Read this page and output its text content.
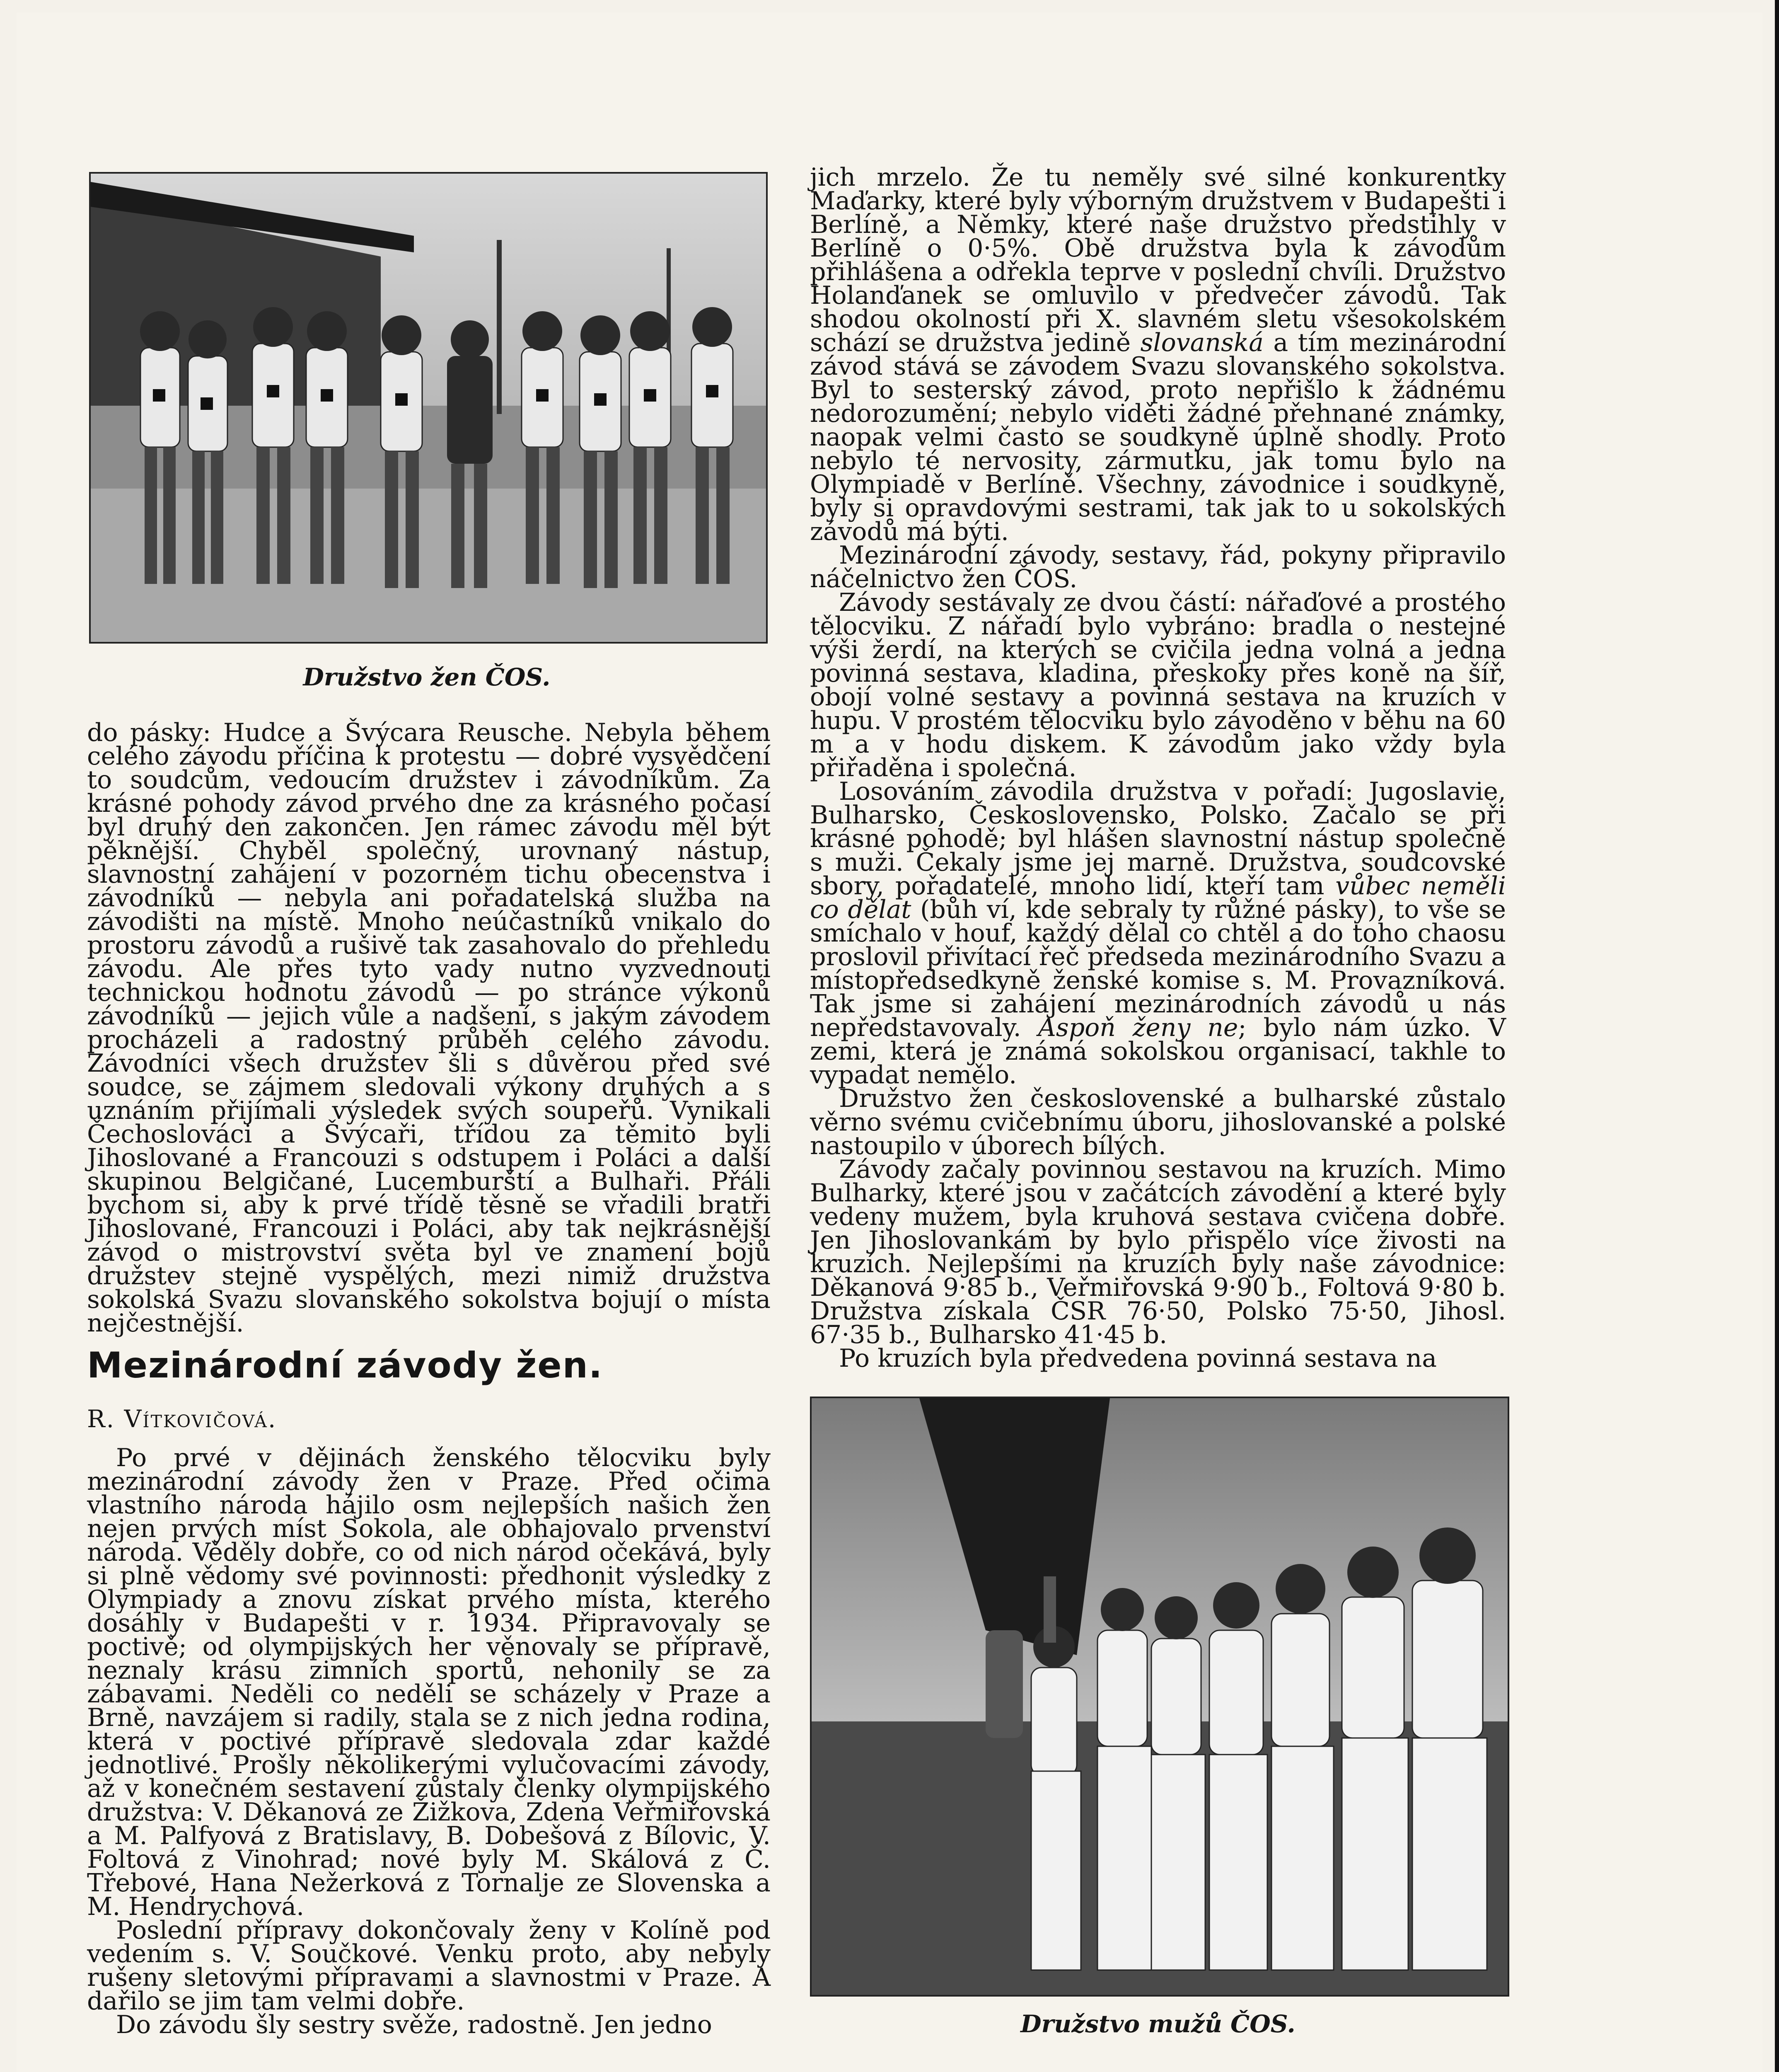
Družstvo žen ČOS.

do pásky: Hudce a Švýcara Reusche. Nebyla během celého závodu příčina k protestu — dobré vysvědčení to soudcům, vedoucím družstev i závodníkům. Za krásné pohody závod prvého dne za krásného počasí byl druhý den zakončen. Jen rámec závodu měl být pěknější. Chyběl společný, urovnaný nástup, slavnostní zahájení v pozorném tichu obecenstva i závodníků — nebyla ani pořadatelská služba na závodišti na místě. Mnoho neúčastníků vnikalo do prostoru závodů a rušivě tak zasahovalo do přehledu závodu. Ale přes tyto vady nutno vyzvednouti technickou hodnotu závodů — po stránce výkonů závodníků — jejich vůle a nadšení, s jakým závodem procházeli a radostný průběh celého závodu. Závodníci všech družstev šli s důvěrou před své soudce, se zájmem sledovali výkony druhých a s uznáním přijímali výsledek svých soupeřů. Vynikali Čechoslováci a Švýcaři, třídou za těmito byli Jihoslované a Francouzi s odstupem i Poláci a další skupinou Belgičané, Lucemburští a Bulhaři. Přáli bychom si, aby k prvé třídě těsně se vřadili bratři Jihoslované, Francouzi i Poláci, aby tak nejkrásnější závod o mistrovství světa byl ve znamení bojů družstev stejně vyspělých, mezi nimiž družstva sokolská Svazu slovanského sokolstva bojují o místa nejčestnější.

Mezinárodní závody žen.
R. Vítkovičová.

Po prvé v dějinách ženského tělocviku byly mezinárodní závody žen v Praze. Před očima vlastního národa hájilo osm nejlepších našich žen nejen prvých míst Sokola, ale obhajovalo prvenství národa. Věděly dobře, co od nich národ očekává, byly si plně vědomy své povinnosti: předhonit výsledky z Olympiady a znovu získat prvého místa, kterého dosáhly v Budapešti v r. 1934. Připravovaly se poctivě; od olympijských her věnovaly se přípravě, neznaly krásu zimních sportů, nehonily se za zábavami. Neděli co neděli se scházely v Praze a Brně, navzájem si radily, stala se z nich jedna rodina, která v poctivé přípravě sledovala zdar každé jednotlivé. Prošly několikerými vylučovacími závody, až v konečném sestavení zůstaly členky olympijského družstva: V. Děkanová ze Žižkova, Zdena Veřmiřovská a M. Palfyová z Bratislavy, B. Dobešová z Bílovic, V. Foltová z Vinohrad; nové byly M. Skálová z Č. Třebové, Hana Nežerková z Tornalje ze Slovenska a M. Hendrychová.

Poslední přípravy dokončovaly ženy v Kolíně pod vedením s. V. Součkové. Venku proto, aby nebyly rušeny sletovými přípravami a slavnostmi v Praze. A dařilo se jim tam velmi dobře.

Do závodu šly sestry svěže, radostně. Jen jedno

jich mrzelo. Že tu neměly své silné konkurentky Maďarky, které byly výborným družstvem v Budapešti i Berlíně, a Němky, které naše družstvo předstihly v Berlíně o 0·5%. Obě družstva byla k závodům přihlášena a odřekla teprve v poslední chvíli. Družstvo Holanďanek se omluvilo v předvečer závodů. Tak shodou okolností při X. slavném sletu všesokolském schází se družstva jedině slovanská a tím mezinárodní závod stává se závodem Svazu slovanského sokolstva. Byl to sesterský závod, proto nepřišlo k žádnému nedorozumění; nebylo viděti žádné přehnané známky, naopak velmi často se soudkyně úplně shodly. Proto nebylo té nervosity, zármutku, jak tomu bylo na Olympiadě v Berlíně. Všechny, závodnice i soudkyně, byly si opravdovými sestrami, tak jak to u sokolských závodů má býti.

Mezinárodní závody, sestavy, řád, pokyny připravilo náčelnictvo žen ČOS.

Závody sestávaly ze dvou částí: nářaďové a prostého tělocviku. Z nářadí bylo vybráno: bradla o nestejné výši žerdí, na kterých se cvičila jedna volná a jedna povinná sestava, kladina, přeskoky přes koně na šíř, obojí volné sestavy a povinná sestava na kruzích v hupu. V prostém tělocviku bylo závoděno v běhu na 60 m a v hodu diskem. K závodům jako vždy byla přiřaděna i společná.

Losováním závodila družstva v pořadí: Jugoslavie, Bulharsko, Československo, Polsko. Začalo se při krásné pohodě; byl hlášen slavnostní nástup společně s muži. Čekaly jsme jej marně. Družstva, soudcovské sbory, pořadatelé, mnoho lidí, kteří tam vůbec neměli co dělat (bůh ví, kde sebraly ty růžné pásky), to vše se smíchalo v houf, každý dělal co chtěl a do toho chaosu proslovil přivítací řeč předseda mezinárodního Svazu a místopředsedkyně ženské komise s. M. Provazníková. Tak jsme si zahájení mezinárodních závodů u nás nepředstavovaly. Aspoň ženy ne; bylo nám úzko. V zemi, která je známá sokolskou organisací, takhle to vypadat nemělo.

Družstvo žen československé a bulharské zůstalo věrno svému cvičebnímu úboru, jihoslovanské a polské nastoupilo v úborech bílých.

Závody začaly povinnou sestavou na kruzích. Mimo Bulharky, které jsou v začátcích závodění a které byly vedeny mužem, byla kruhová sestava cvičena dobře. Jen Jihoslovankám by bylo přispělo více živosti na kruzích. Nejlepšími na kruzích byly naše závodnice: Děkanová 9·85 b., Veřmiřovská 9·90 b., Foltová 9·80 b. Družstva získala ČSR 76·50, Polsko 75·50, Jihosl. 67·35 b., Bulharsko 41·45 b.

Po kruzích byla předvedena povinná sestava na

Družstvo mužů ČOS.
